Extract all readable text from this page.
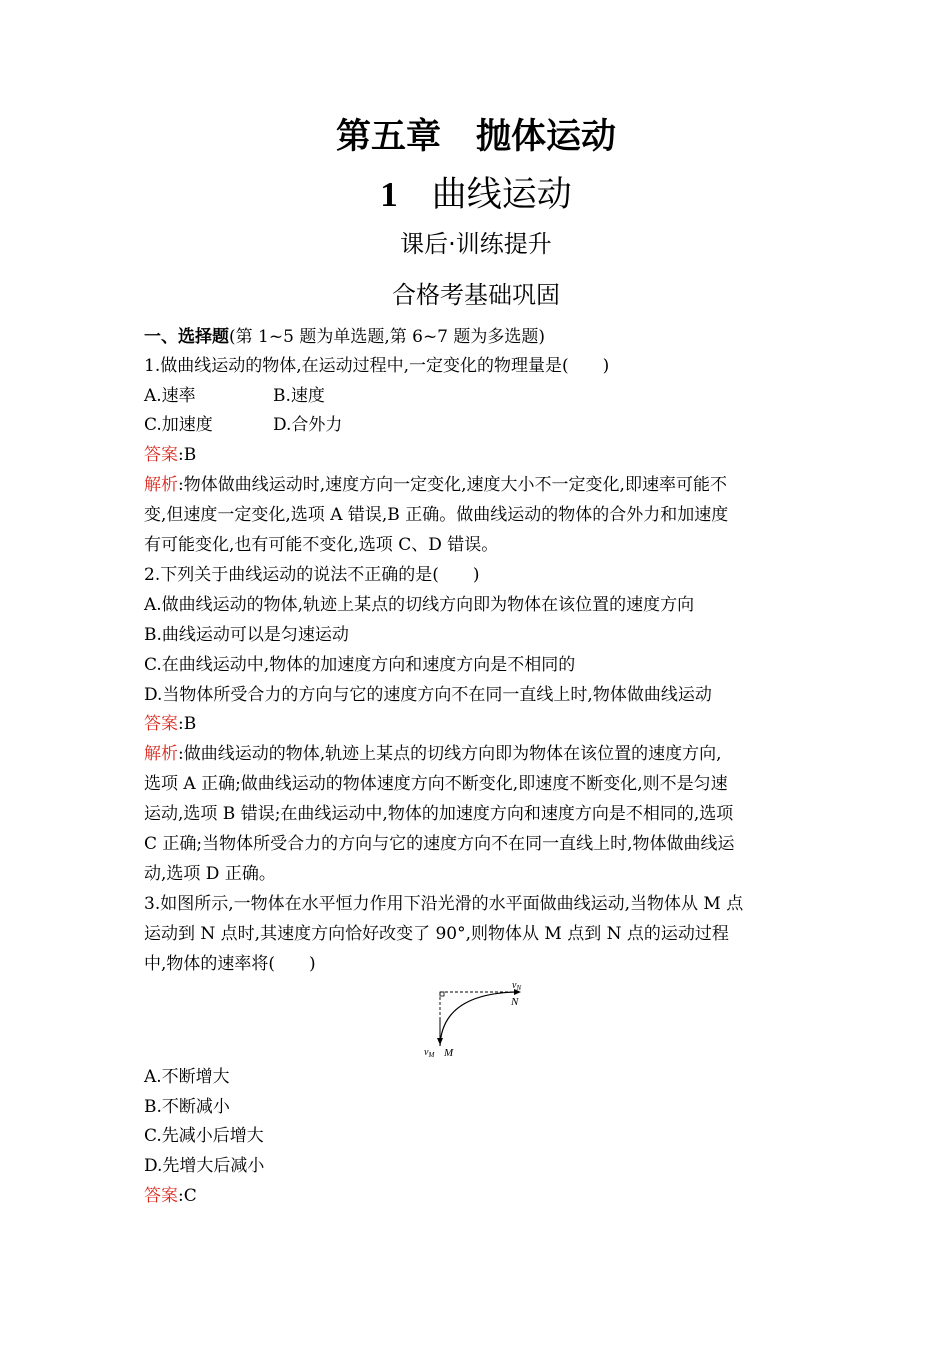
第五章　抛体运动
1 曲线运动
课后·训练提升
合格考基础巩固
一、选择题(第 1~5 题为单选题,第 6~7 题为多选题)
1.做曲线运动的物体,在运动过程中,一定变化的物理量是(　　)
A.速率	B.速度
C.加速度	D.合外力
答案:B
解析:物体做曲线运动时,速度方向一定变化,速度大小不一定变化,即速率可能不
变,但速度一定变化,选项 A 错误,B 正确。做曲线运动的物体的合外力和加速度
有可能变化,也有可能不变化,选项 C、D 错误。
2.下列关于曲线运动的说法不正确的是(　　)
A.做曲线运动的物体,轨迹上某点的切线方向即为物体在该位置的速度方向
B.曲线运动可以是匀速运动
C.在曲线运动中,物体的加速度方向和速度方向是不相同的
D.当物体所受合力的方向与它的速度方向不在同一直线上时,物体做曲线运动
答案:B
解析:做曲线运动的物体,轨迹上某点的切线方向即为物体在该位置的速度方向,
选项 A 正确;做曲线运动的物体速度方向不断变化,即速度不断变化,则不是匀速
运动,选项 B 错误;在曲线运动中,物体的加速度方向和速度方向是不相同的,选项
C 正确;当物体所受合力的方向与它的速度方向不在同一直线上时,物体做曲线运
动,选项 D 正确。
3.如图所示,一物体在水平恒力作用下沿光滑的水平面做曲线运动,当物体从 M 点
运动到 N 点时,其速度方向恰好改变了 90°,则物体从 M 点到 N 点的运动过程
中,物体的速率将(　　)
$v_N$
N
$v_M$ M
A.不断增大
B.不断减小
C.先减小后增大
D.先增大后减小
答案:C
